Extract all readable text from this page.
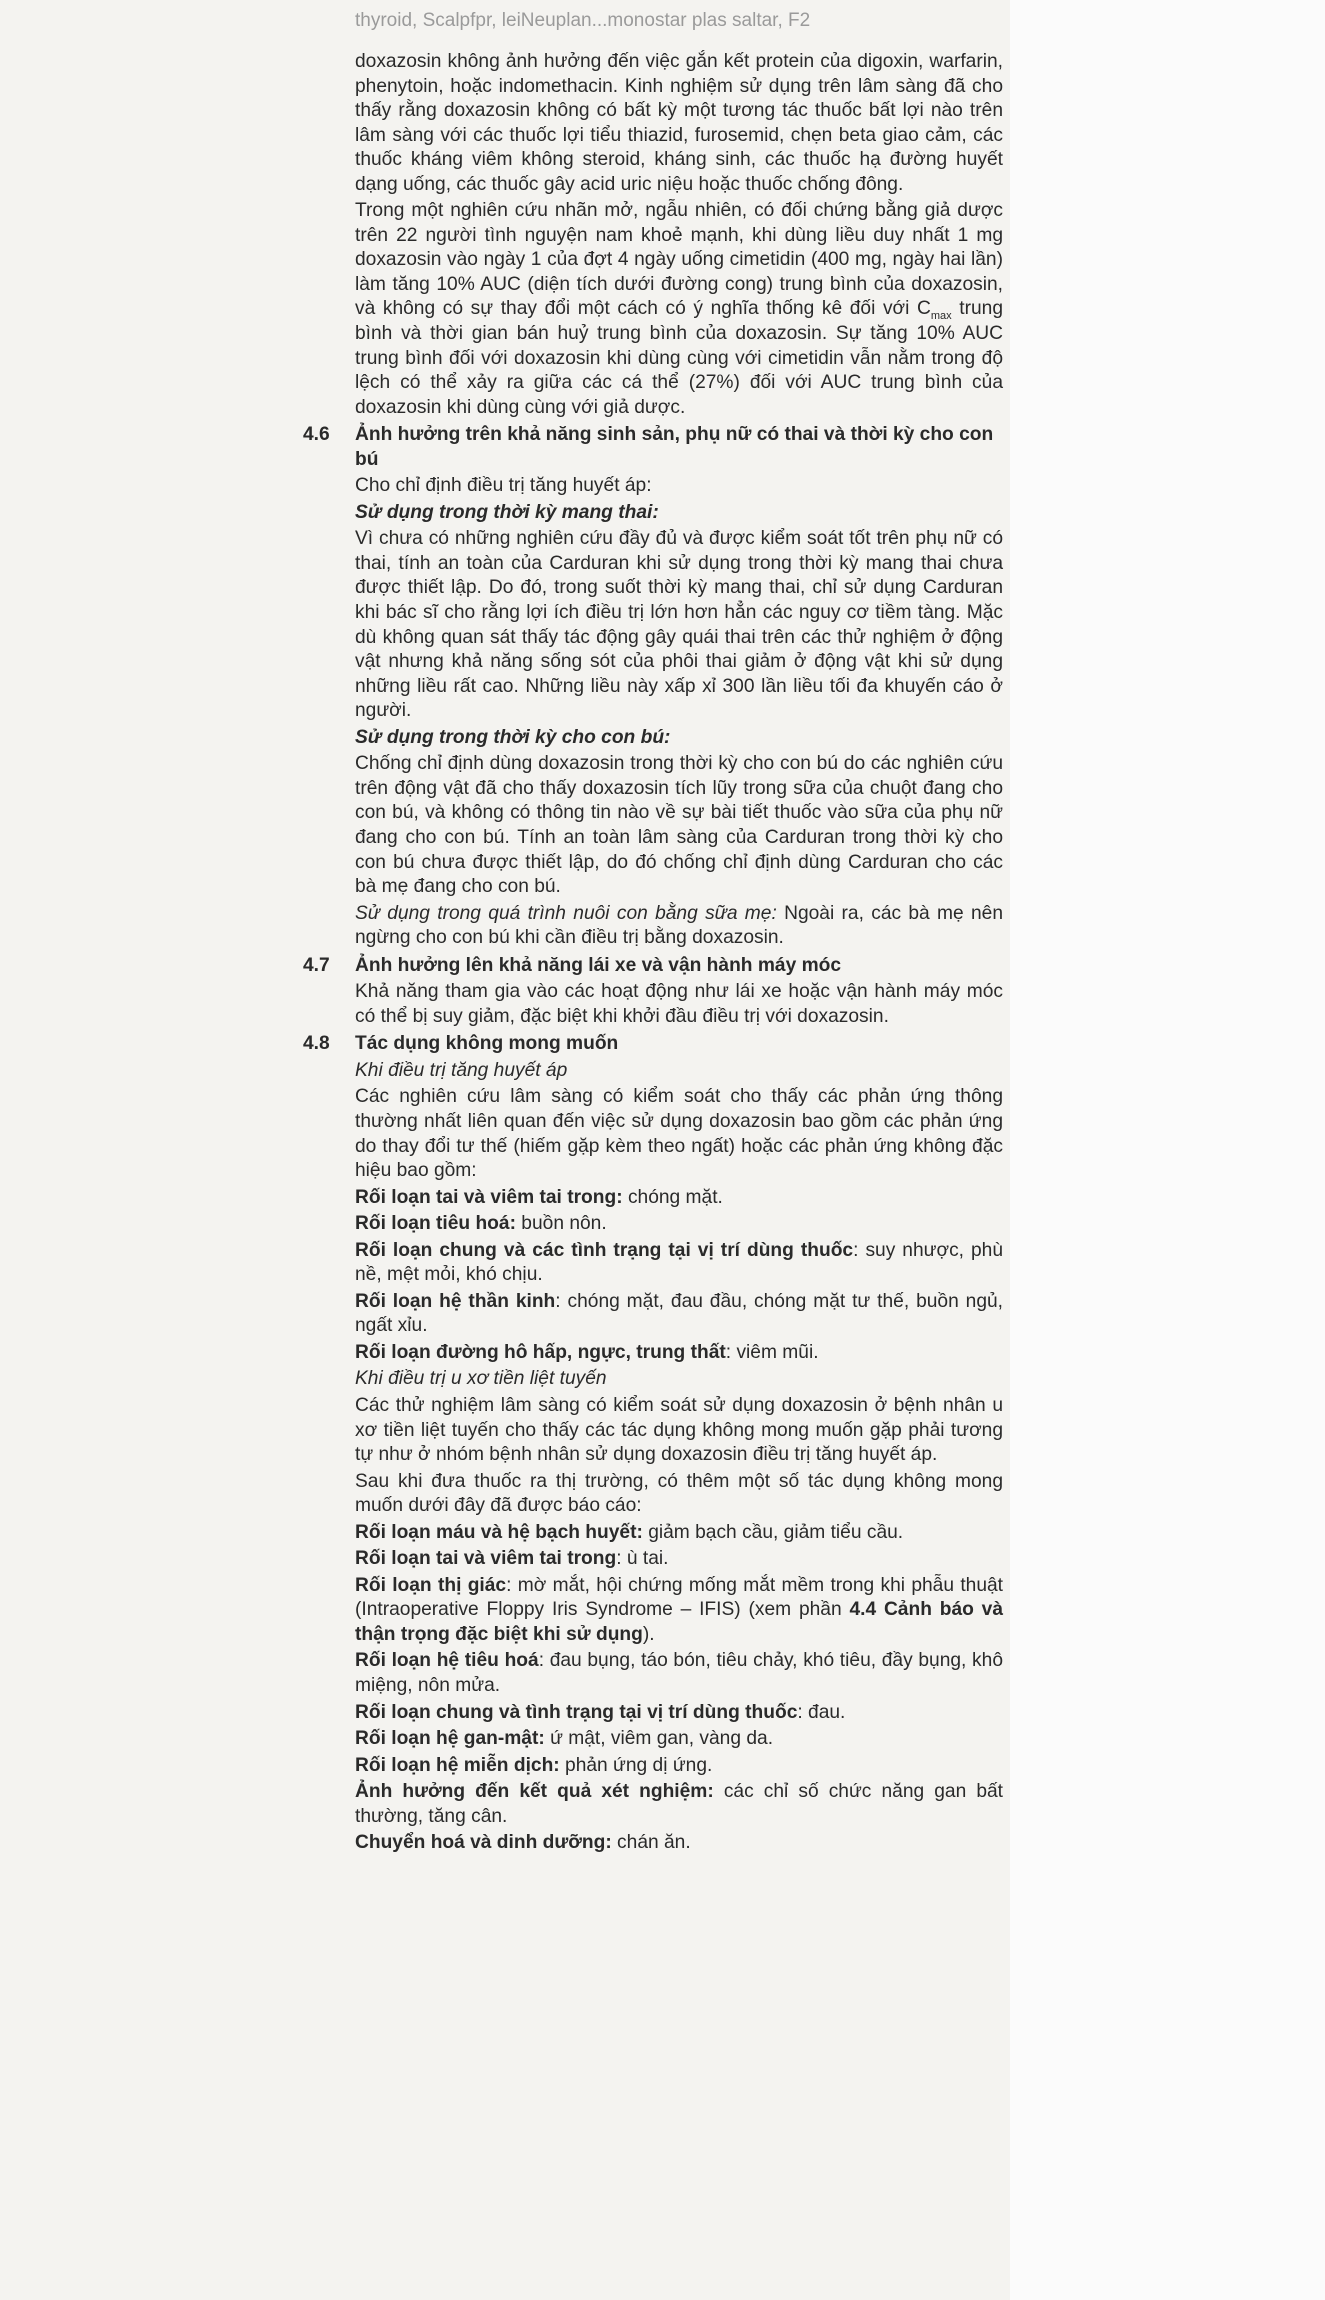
doxazosin không ảnh hưởng đến việc gắn kết protein của digoxin, warfarin, phenytoin, hoặc indomethacin. Kinh nghiệm sử dụng trên lâm sàng đã cho thấy rằng doxazosin không có bất kỳ một tương tác thuốc bất lợi nào trên lâm sàng với các thuốc lợi tiểu thiazid, furosemid, chẹn beta giao cảm, các thuốc kháng viêm không steroid, kháng sinh, các thuốc hạ đường huyết dạng uống, các thuốc gây acid uric niệu hoặc thuốc chống đông.

Trong một nghiên cứu nhãn mở, ngẫu nhiên, có đối chứng bằng giả dược trên 22 người tình nguyện nam khoẻ mạnh, khi dùng liều duy nhất 1 mg doxazosin vào ngày 1 của đợt 4 ngày uống cimetidin (400 mg, ngày hai lần) làm tăng 10% AUC (diện tích dưới đường cong) trung bình của doxazosin, và không có sự thay đổi một cách có ý nghĩa thống kê đối với $C_{max}$ trung bình và thời gian bán huỷ trung bình của doxazosin. Sự tăng 10% AUC trung bình đối với doxazosin khi dùng cùng với cimetidin vẫn nằm trong độ lệch có thể xảy ra giữa các cá thể (27%) đối với AUC trung bình của doxazosin khi dùng cùng với giả dược.

4.6	Ảnh hưởng trên khả năng sinh sản, phụ nữ có thai và thời kỳ cho con bú

Cho chỉ định điều trị tăng huyết áp:

Sử dụng trong thời kỳ mang thai:

Vì chưa có những nghiên cứu đầy đủ và được kiểm soát tốt trên phụ nữ có thai, tính an toàn của Carduran khi sử dụng trong thời kỳ mang thai chưa được thiết lập. Do đó, trong suốt thời kỳ mang thai, chỉ sử dụng Carduran khi bác sĩ cho rằng lợi ích điều trị lớn hơn hẳn các nguy cơ tiềm tàng. Mặc dù không quan sát thấy tác động gây quái thai trên các thử nghiệm ở động vật nhưng khả năng sống sót của phôi thai giảm ở động vật khi sử dụng những liều rất cao. Những liều này xấp xỉ 300 lần liều tối đa khuyến cáo ở người.

Sử dụng trong thời kỳ cho con bú:

Chống chỉ định dùng doxazosin trong thời kỳ cho con bú do các nghiên cứu trên động vật đã cho thấy doxazosin tích lũy trong sữa của chuột đang cho con bú, và không có thông tin nào về sự bài tiết thuốc vào sữa của phụ nữ đang cho con bú. Tính an toàn lâm sàng của Carduran trong thời kỳ cho con bú chưa được thiết lập, do đó chống chỉ định dùng Carduran cho các bà mẹ đang cho con bú.

Sử dụng trong quá trình nuôi con bằng sữa mẹ: Ngoài ra, các bà mẹ nên ngừng cho con bú khi cần điều trị bằng doxazosin.

4.7	Ảnh hưởng lên khả năng lái xe và vận hành máy móc

Khả năng tham gia vào các hoạt động như lái xe hoặc vận hành máy móc có thể bị suy giảm, đặc biệt khi khởi đầu điều trị với doxazosin.

4.8	Tác dụng không mong muốn

Khi điều trị tăng huyết áp

Các nghiên cứu lâm sàng có kiểm soát cho thấy các phản ứng thông thường nhất liên quan đến việc sử dụng doxazosin bao gồm các phản ứng do thay đổi tư thế (hiếm gặp kèm theo ngất) hoặc các phản ứng không đặc hiệu bao gồm:

Rối loạn tai và viêm tai trong: chóng mặt.

Rối loạn tiêu hoá: buồn nôn.

Rối loạn chung và các tình trạng tại vị trí dùng thuốc: suy nhược, phù nề, mệt mỏi, khó chịu.

Rối loạn hệ thần kinh: chóng mặt, đau đầu, chóng mặt tư thế, buồn ngủ, ngất xỉu.

Rối loạn đường hô hấp, ngực, trung thất: viêm mũi.

Khi điều trị u xơ tiền liệt tuyến

Các thử nghiệm lâm sàng có kiểm soát sử dụng doxazosin ở bệnh nhân u xơ tiền liệt tuyến cho thấy các tác dụng không mong muốn gặp phải tương tự như ở nhóm bệnh nhân sử dụng doxazosin điều trị tăng huyết áp.

Sau khi đưa thuốc ra thị trường, có thêm một số tác dụng không mong muốn dưới đây đã được báo cáo:

Rối loạn máu và hệ bạch huyết: giảm bạch cầu, giảm tiểu cầu.

Rối loạn tai và viêm tai trong: ù tai.

Rối loạn thị giác: mờ mắt, hội chứng mống mắt mềm trong khi phẫu thuật (Intraoperative Floppy Iris Syndrome – IFIS) (xem phần 4.4 Cảnh báo và thận trọng đặc biệt khi sử dụng).

Rối loạn hệ tiêu hoá: đau bụng, táo bón, tiêu chảy, khó tiêu, đầy bụng, khô miệng, nôn mửa.

Rối loạn chung và tình trạng tại vị trí dùng thuốc: đau.

Rối loạn hệ gan-mật: ứ mật, viêm gan, vàng da.

Rối loạn hệ miễn dịch: phản ứng dị ứng.

Ảnh hưởng đến kết quả xét nghiệm: các chỉ số chức năng gan bất thường, tăng cân.

Chuyển hoá và dinh dưỡng: chán ăn.

thyroid, Scalpfpr, leiNeuplan...monostar plas saltar, F2
